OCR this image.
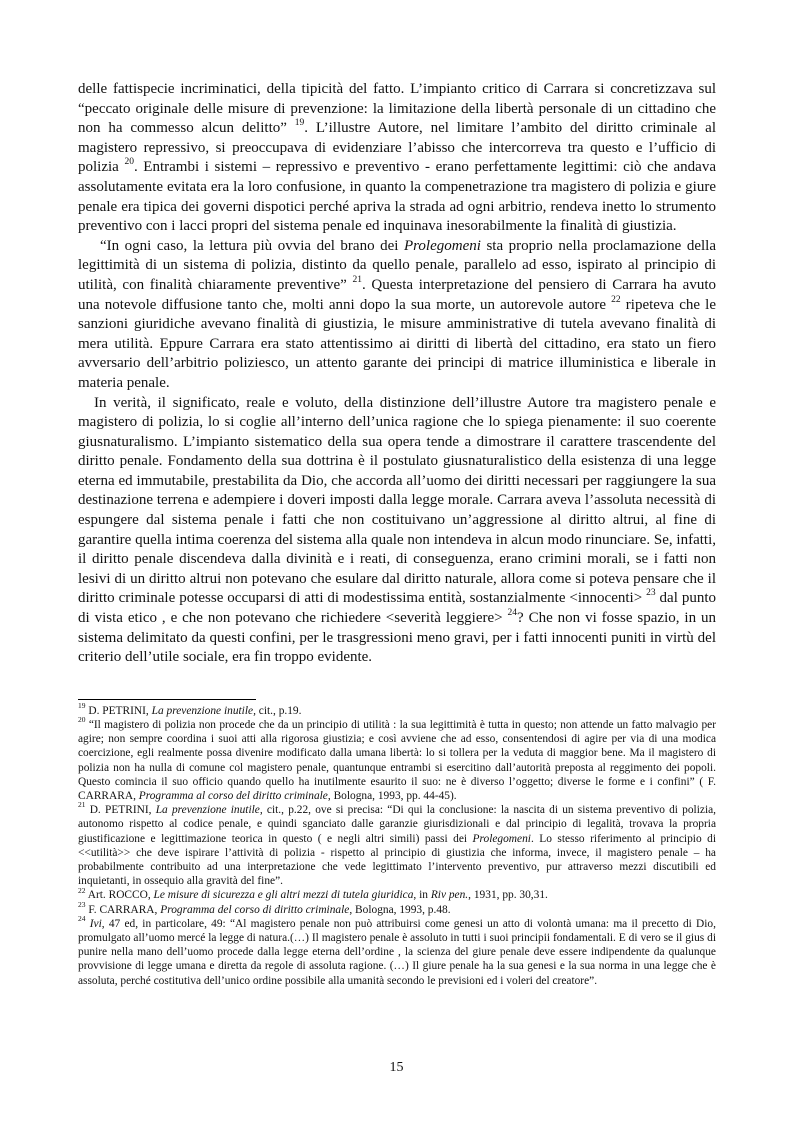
delle fattispecie incriminatici, della tipicità del fatto. L’impianto critico di Carrara si concretizzava sul “peccato originale delle misure di prevenzione: la limitazione della libertà personale di un cittadino che non ha commesso alcun delitto” $^{19}$. L’illustre Autore, nel limitare l’ambito del diritto criminale al magistero repressivo, si preoccupava di evidenziare l’abisso che intercorreva tra questo e l’ufficio di polizia $^{20}$. Entrambi i sistemi – repressivo e preventivo - erano perfettamente legittimi: ciò che andava assolutamente evitata era la loro confusione, in quanto la compenetrazione tra magistero di polizia e giure penale era tipica dei governi dispotici perché apriva la strada ad ogni arbitrio, rendeva inetto lo strumento preventivo con i lacci propri del sistema penale ed inquinava inesorabilmente la finalità di giustizia.

“In ogni caso, la lettura più ovvia del brano dei Prolegomeni sta proprio nella proclamazione della legittimità di un sistema di polizia, distinto da quello penale, parallelo ad esso, ispirato al principio di utilità, con finalità chiaramente preventive” $^{21}$. Questa interpretazione del pensiero di Carrara ha avuto una notevole diffusione tanto che, molti anni dopo la sua morte, un autorevole autore $^{22}$ ripeteva che le sanzioni giuridiche avevano finalità di giustizia, le misure amministrative di tutela avevano finalità di mera utilità. Eppure Carrara era stato attentissimo ai diritti di libertà del cittadino, era stato un fiero avversario dell’arbitrio poliziesco, un attento garante dei principi di matrice illuministica e liberale in materia penale.

In verità, il significato, reale e voluto, della distinzione dell’illustre Autore tra magistero penale e magistero di polizia, lo si coglie all’interno dell’unica ragione che lo spiega pienamente: il suo coerente giusnaturalismo. L’impianto sistematico della sua opera tende a dimostrare il carattere trascendente del diritto penale. Fondamento della sua dottrina è il postulato giusnaturalistico della esistenza di una legge eterna ed immutabile, prestabilita da Dio, che accorda all’uomo dei diritti necessari per raggiungere la sua destinazione terrena e adempiere i doveri imposti dalla legge morale. Carrara aveva l’assoluta necessità di espungere dal sistema penale i fatti che non costituivano un’aggressione al diritto altrui, al fine di garantire quella intima coerenza del sistema alla quale non intendeva in alcun modo rinunciare. Se, infatti, il diritto penale discendeva dalla divinità e i reati, di conseguenza, erano crimini morali, se i fatti non lesivi di un diritto altrui non potevano che esulare dal diritto naturale, allora come si poteva pensare che il diritto criminale potesse occuparsi di atti di modestissima entità, sostanzialmente <innocenti> $^{23}$ dal punto di vista etico , e che non potevano che richiedere <severità leggiere> $^{24}$? Che non vi fosse spazio, in un sistema delimitato da questi confini, per le trasgressioni meno gravi, per i fatti innocenti puniti in virtù del criterio dell’utile sociale, era fin troppo evidente.

$^{19}$ D. PETRINI, La prevenzione inutile, cit., p.19.

$^{20}$ “Il magistero di polizia non procede che da un principio di utilità : la sua legittimità è tutta in questo; non attende un fatto malvagio per agire; non sempre coordina i suoi atti alla rigorosa giustizia; e così avviene che ad esso, consentendosi di agire per via di una modica coercizione, egli realmente possa divenire modificato dalla umana libertà: lo si tollera per la veduta di maggior bene. Ma il magistero di polizia non ha nulla di comune col magistero penale, quantunque entrambi si esercitino dall’autorità preposta al reggimento dei popoli. Questo comincia il suo officio quando quello ha inutilmente esaurito il suo: ne è diverso l’oggetto; diverse le forme e i confini” ( F. CARRARA, Programma al corso del diritto criminale, Bologna, 1993, pp. 44-45).

$^{21}$ D. PETRINI, La prevenzione inutile, cit., p.22, ove si precisa: “Di qui la conclusione: la nascita di un sistema preventivo di polizia, autonomo rispetto al codice penale, e quindi sganciato dalle garanzie giurisdizionali e dal principio di legalità, trovava la propria giustificazione e legittimazione teorica in questo ( e negli altri simili) passi dei Prolegomeni. Lo stesso riferimento al principio di <<utilità>> che deve ispirare l’attività di polizia - rispetto al principio di giustizia che informa, invece, il magistero penale – ha probabilmente contribuito ad una interpretazione che vede legittimato l’intervento preventivo, pur attraverso mezzi discutibili ed inquietanti, in ossequio alla gravità del fine”.

$^{22}$ Art. ROCCO, Le misure di sicurezza e gli altri mezzi di tutela giuridica, in Riv pen., 1931, pp. 30,31.

$^{23}$ F. CARRARA, Programma del corso di diritto criminale, Bologna, 1993, p.48.

$^{24}$ Ivi, 47 ed, in particolare, 49: “Al magistero penale non può attribuirsi come genesi un atto di volontà umana: ma il precetto di Dio, promulgato all’uomo mercé la legge di natura.(…) Il magistero penale è assoluto in tutti i suoi principii fondamentali. E di vero se il gius di punire nella mano dell’uomo procede dalla legge eterna dell’ordine , la scienza del giure penale deve essere indipendente da qualunque provvisione di legge umana e diretta da regole di assoluta ragione. (…) Il giure penale ha la sua genesi e la sua norma in una legge che è assoluta, perché costitutiva dell’unico ordine possibile alla umanità secondo le previsioni ed i voleri del creatore”.

15
